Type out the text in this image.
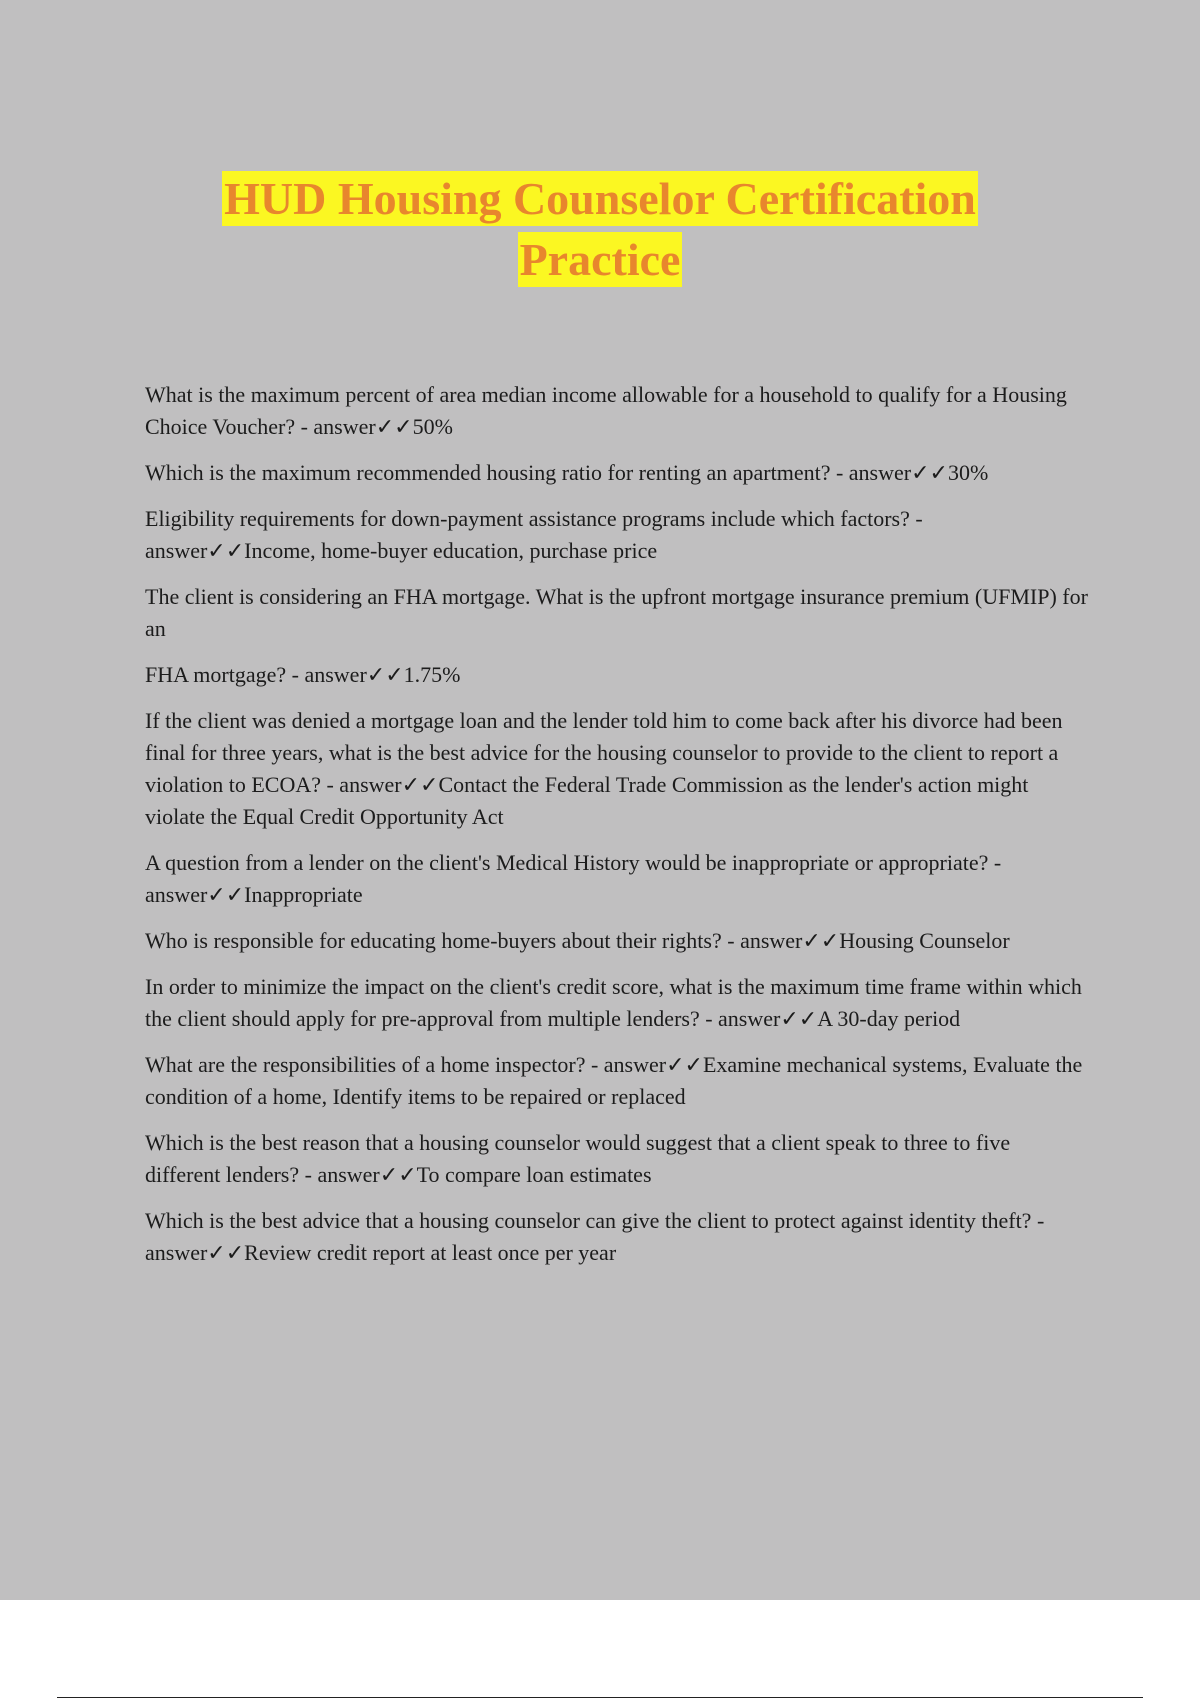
HUD Housing Counselor Certification
Practice

What is the maximum percent of area median income allowable for a household to qualify for a Housing Choice Voucher? - answer✓✓50%

Which is the maximum recommended housing ratio for renting an apartment? - answer✓✓30%

Eligibility requirements for down-payment assistance programs include which factors? - answer✓✓Income, home-buyer education, purchase price

The client is considering an FHA mortgage. What is the upfront mortgage insurance premium (UFMIP) for an

FHA mortgage? - answer✓✓1.75%

If the client was denied a mortgage loan and the lender told him to come back after his divorce had been final for three years, what is the best advice for the housing counselor to provide to the client to report a violation to ECOA? - answer✓✓Contact the Federal Trade Commission as the lender's action might violate the Equal Credit Opportunity Act

A question from a lender on the client's Medical History would be inappropriate or appropriate? - answer✓✓Inappropriate

Who is responsible for educating home-buyers about their rights? - answer✓✓Housing Counselor

In order to minimize the impact on the client's credit score, what is the maximum time frame within which the client should apply for pre-approval from multiple lenders? - answer✓✓A 30-day period

What are the responsibilities of a home inspector? - answer✓✓Examine mechanical systems, Evaluate the condition of a home, Identify items to be repaired or replaced

Which is the best reason that a housing counselor would suggest that a client speak to three to five different lenders? - answer✓✓To compare loan estimates

Which is the best advice that a housing counselor can give the client to protect against identity theft? - answer✓✓Review credit report at least once per year
